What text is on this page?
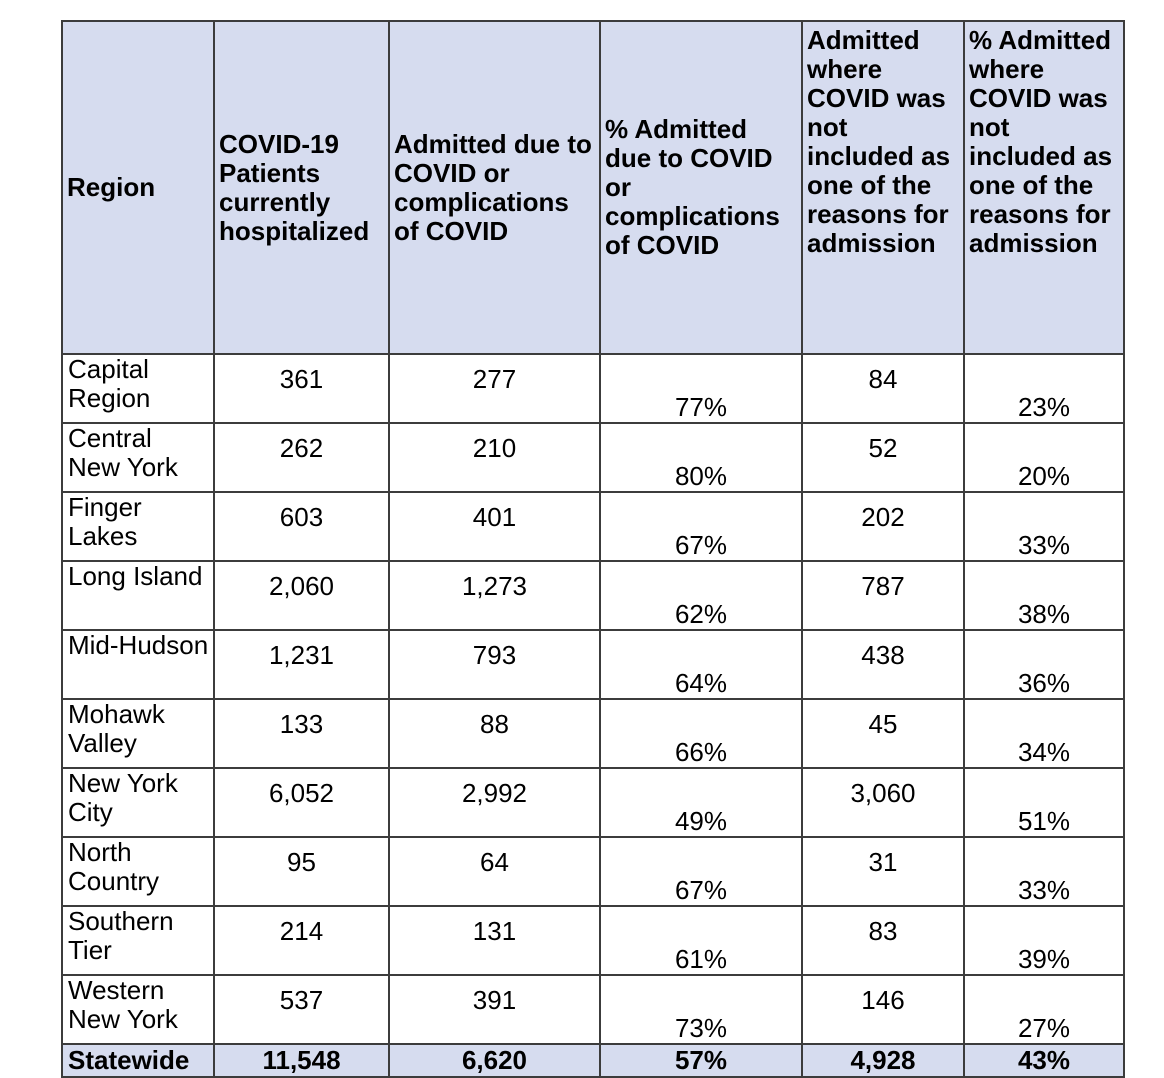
Region	COVID-19 Patients currently hospitalized	Admitted due to COVID or complications of COVID	% Admitted due to COVID or complications of COVID	Admitted where COVID was not included as one of the reasons for admission	% Admitted where COVID was not included as one of the reasons for admission
Capital Region	361	277	77%	84	23%
Central New York	262	210	80%	52	20%
Finger Lakes	603	401	67%	202	33%
Long Island	2,060	1,273	62%	787	38%
Mid-Hudson	1,231	793	64%	438	36%
Mohawk Valley	133	88	66%	45	34%
New York City	6,052	2,992	49%	3,060	51%
North Country	95	64	67%	31	33%
Southern Tier	214	131	61%	83	39%
Western New York	537	391	73%	146	27%
Statewide	11,548	6,620	57%	4,928	43%
